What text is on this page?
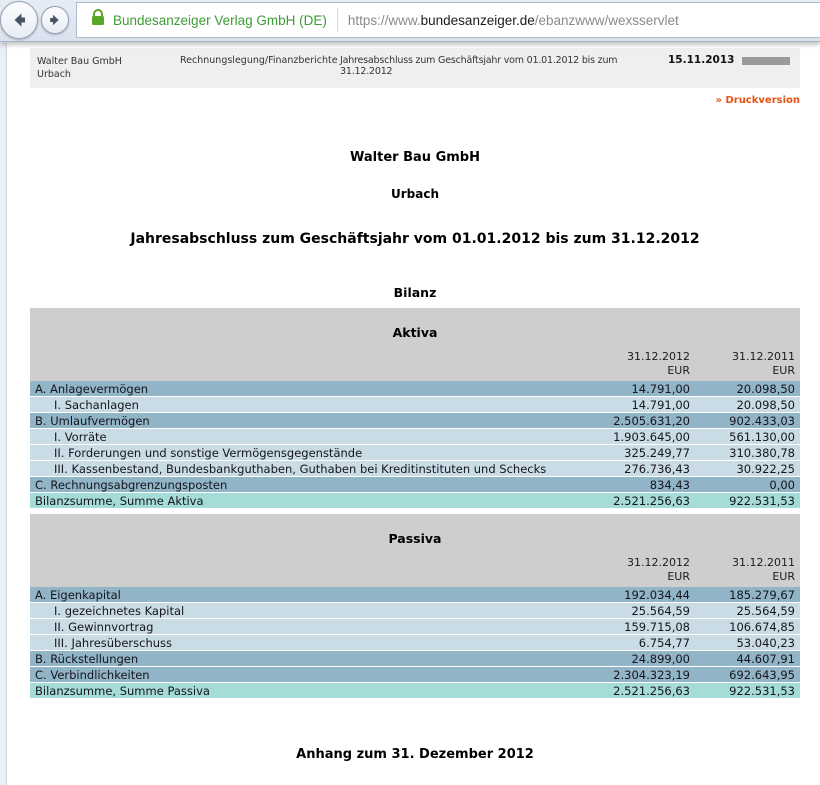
Bundesanzeiger Verlag GmbH (DE)	https://www.bundesanzeiger.de/ebanzwww/wexsservlet
Walter Bau GmbH
Urbach
Rechnungslegung/Finanzberichte Jahresabschluss zum Geschäftsjahr vom 01.01.2012 bis zum 31.12.2012
15.11.2013
» Druckversion
Walter Bau GmbH
Urbach
Jahresabschluss zum Geschäftsjahr vom 01.01.2012 bis zum 31.12.2012
Bilanz
Aktiva
31.12.2012	31.12.2011
EUR	EUR
A. Anlagevermögen	14.791,00	20.098,50
I. Sachanlagen	14.791,00	20.098,50
B. Umlaufvermögen	2.505.631,20	902.433,03
I. Vorräte	1.903.645,00	561.130,00
II. Forderungen und sonstige Vermögensgegenstände	325.249,77	310.380,78
III. Kassenbestand, Bundesbankguthaben, Guthaben bei Kreditinstituten und Schecks	276.736,43	30.922,25
C. Rechnungsabgrenzungsposten	834,43	0,00
Bilanzsumme, Summe Aktiva	2.521.256,63	922.531,53
Passiva
31.12.2012	31.12.2011
EUR	EUR
A. Eigenkapital	192.034,44	185.279,67
I. gezeichnetes Kapital	25.564,59	25.564,59
II. Gewinnvortrag	159.715,08	106.674,85
III. Jahresüberschuss	6.754,77	53.040,23
B. Rückstellungen	24.899,00	44.607,91
C. Verbindlichkeiten	2.304.323,19	692.643,95
Bilanzsumme, Summe Passiva	2.521.256,63	922.531,53
Anhang zum 31. Dezember 2012
